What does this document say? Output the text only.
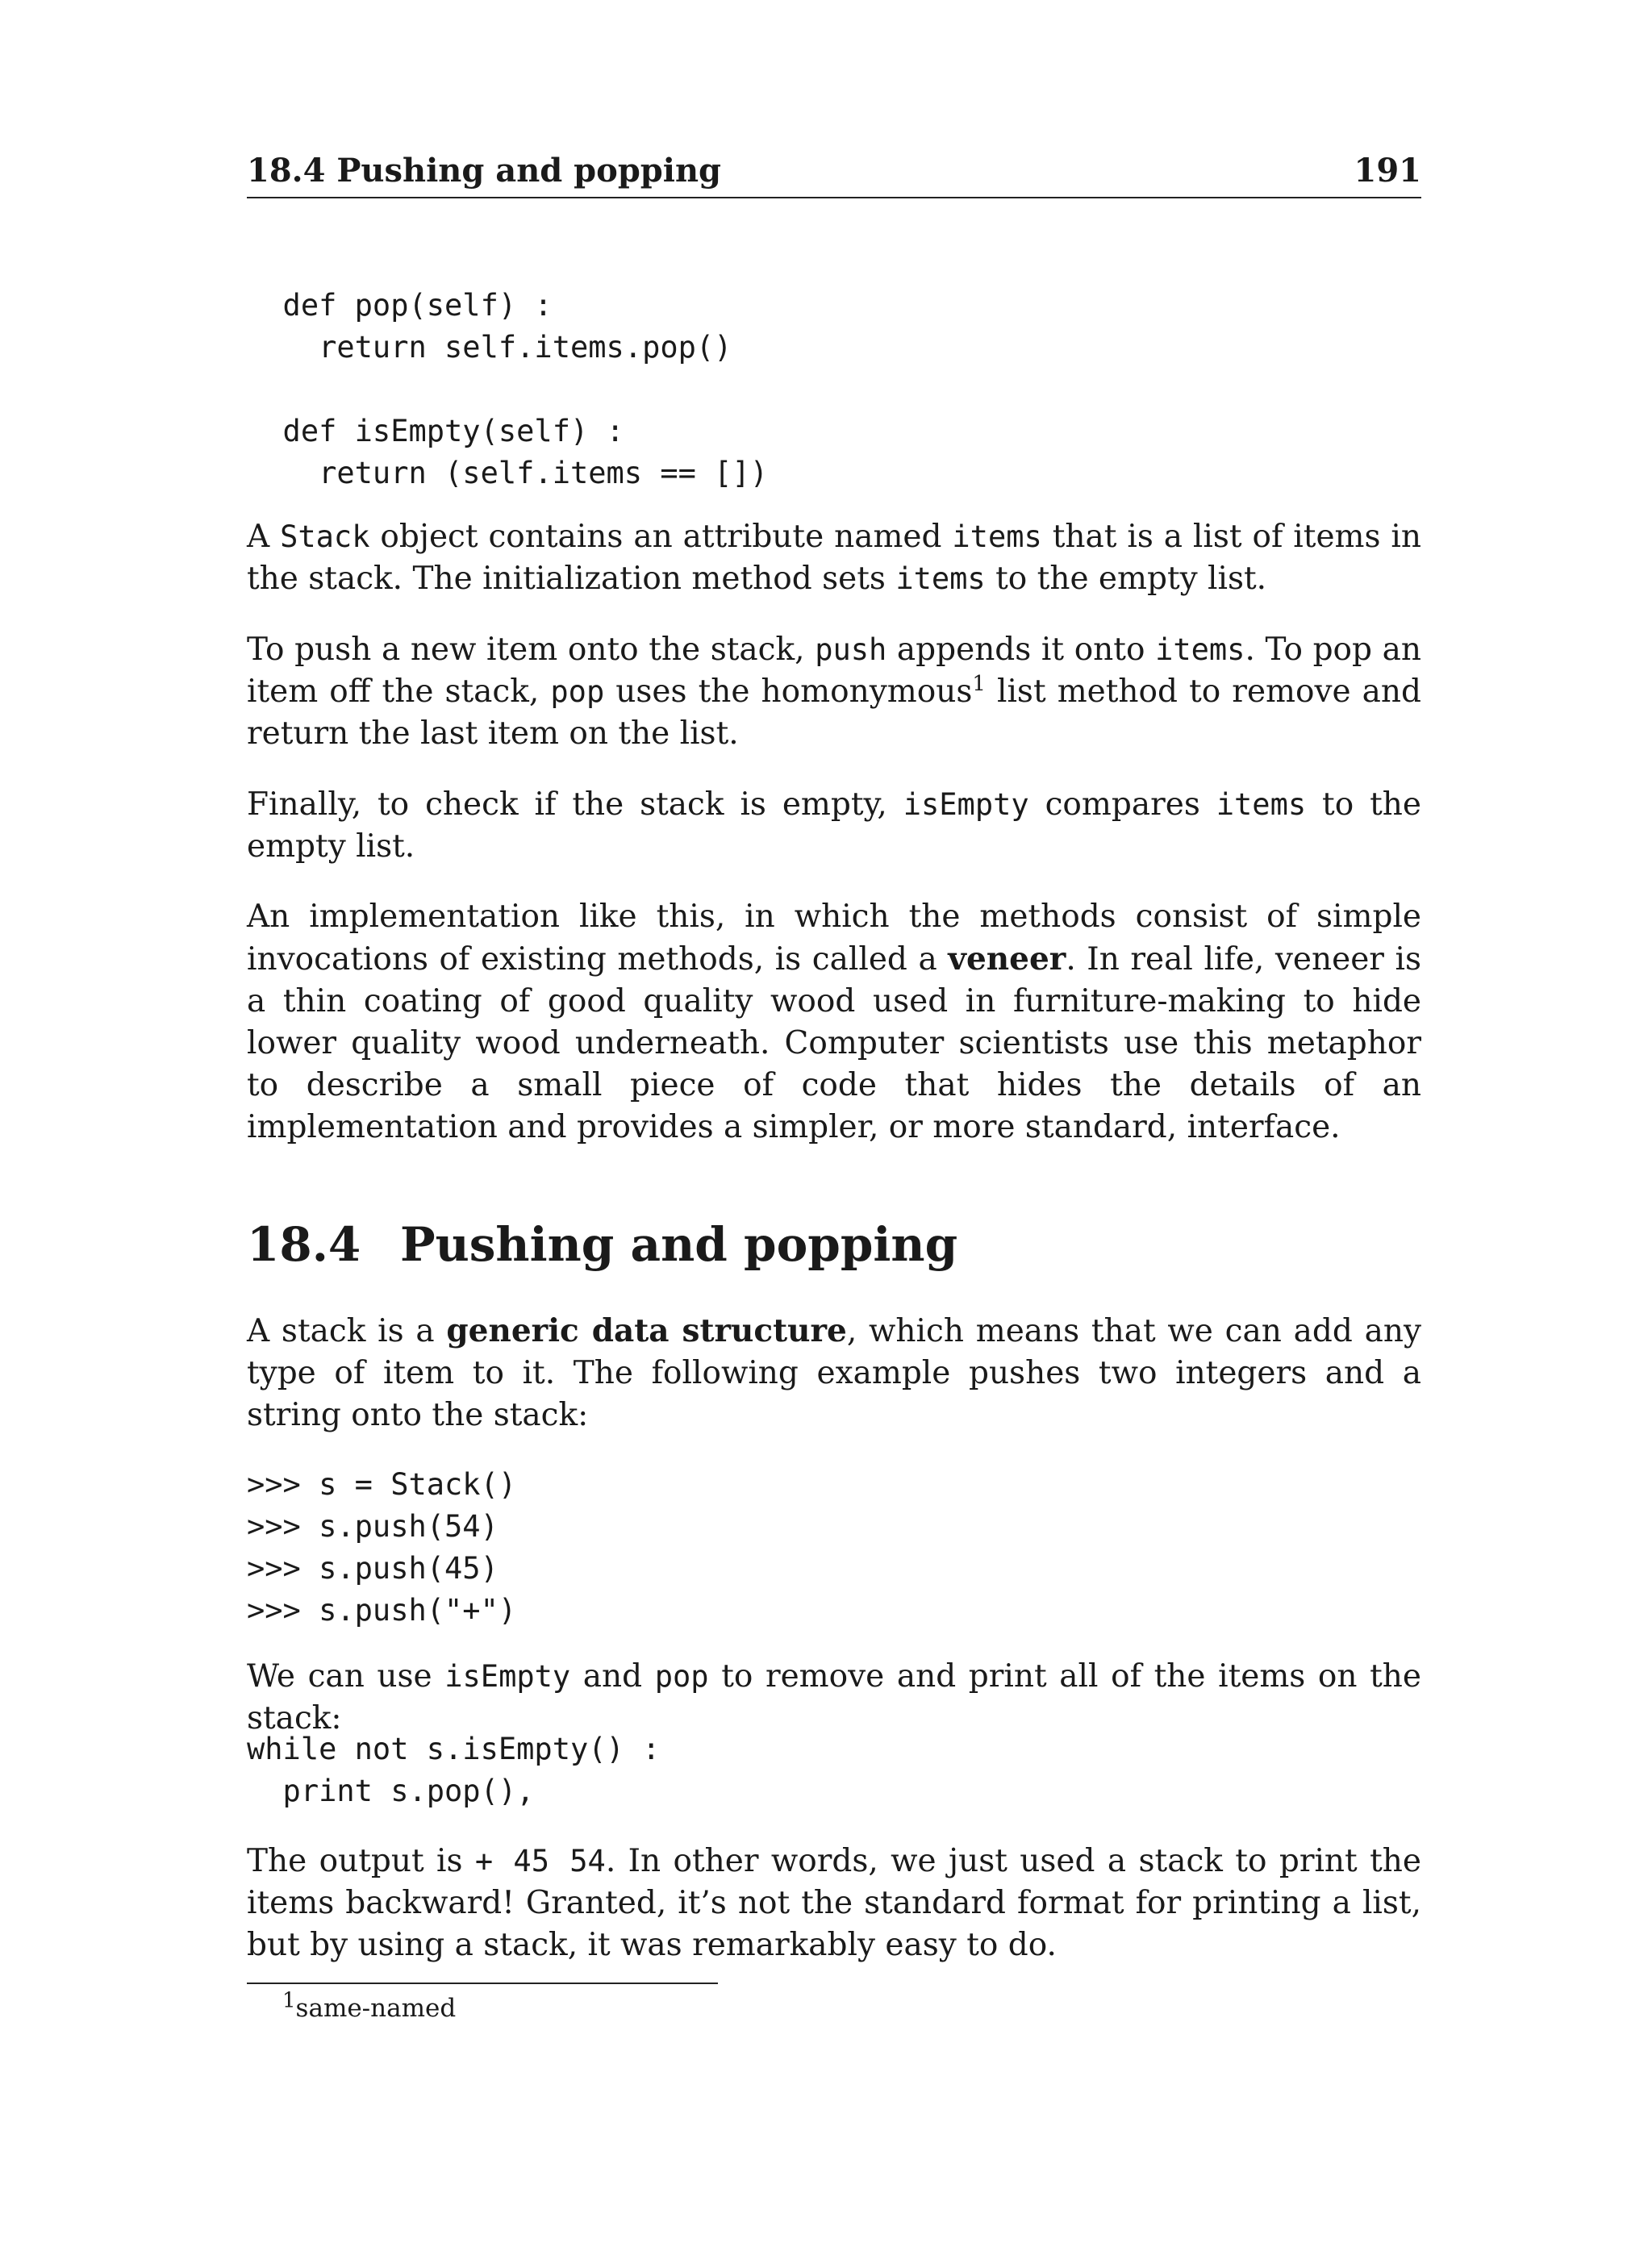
18.4 Pushing and popping	191
def pop(self) :
return self.items.pop()

def isEmpty(self) :
return (self.items == [])

A Stack object contains an attribute named items that is a list of items in the stack. The initialization method sets items to the empty list.

To push a new item onto the stack, push appends it onto items. To pop an item off the stack, pop uses the homonymous$^1$ list method to remove and return the last item on the list.

Finally, to check if the stack is empty, isEmpty compares items to the empty list.

An implementation like this, in which the methods consist of simple invocations of existing methods, is called a veneer. In real life, veneer is a thin coating of good quality wood used in furniture-making to hide lower quality wood underneath. Computer scientists use this metaphor to describe a small piece of code that hides the details of an implementation and provides a simpler, or more standard, interface.

18.4 Pushing and popping

A stack is a generic data structure, which means that we can add any type of item to it. The following example pushes two integers and a string onto the stack:

>>> s = Stack()
>>> s.push(54)
>>> s.push(45)
>>> s.push("+")

We can use isEmpty and pop to remove and print all of the items on the stack:

while not s.isEmpty() :
print s.pop(),

The output is + 45 54. In other words, we just used a stack to print the items backward! Granted, it’s not the standard format for printing a list, but by using a stack, it was remarkably easy to do.

$^1$same-named
